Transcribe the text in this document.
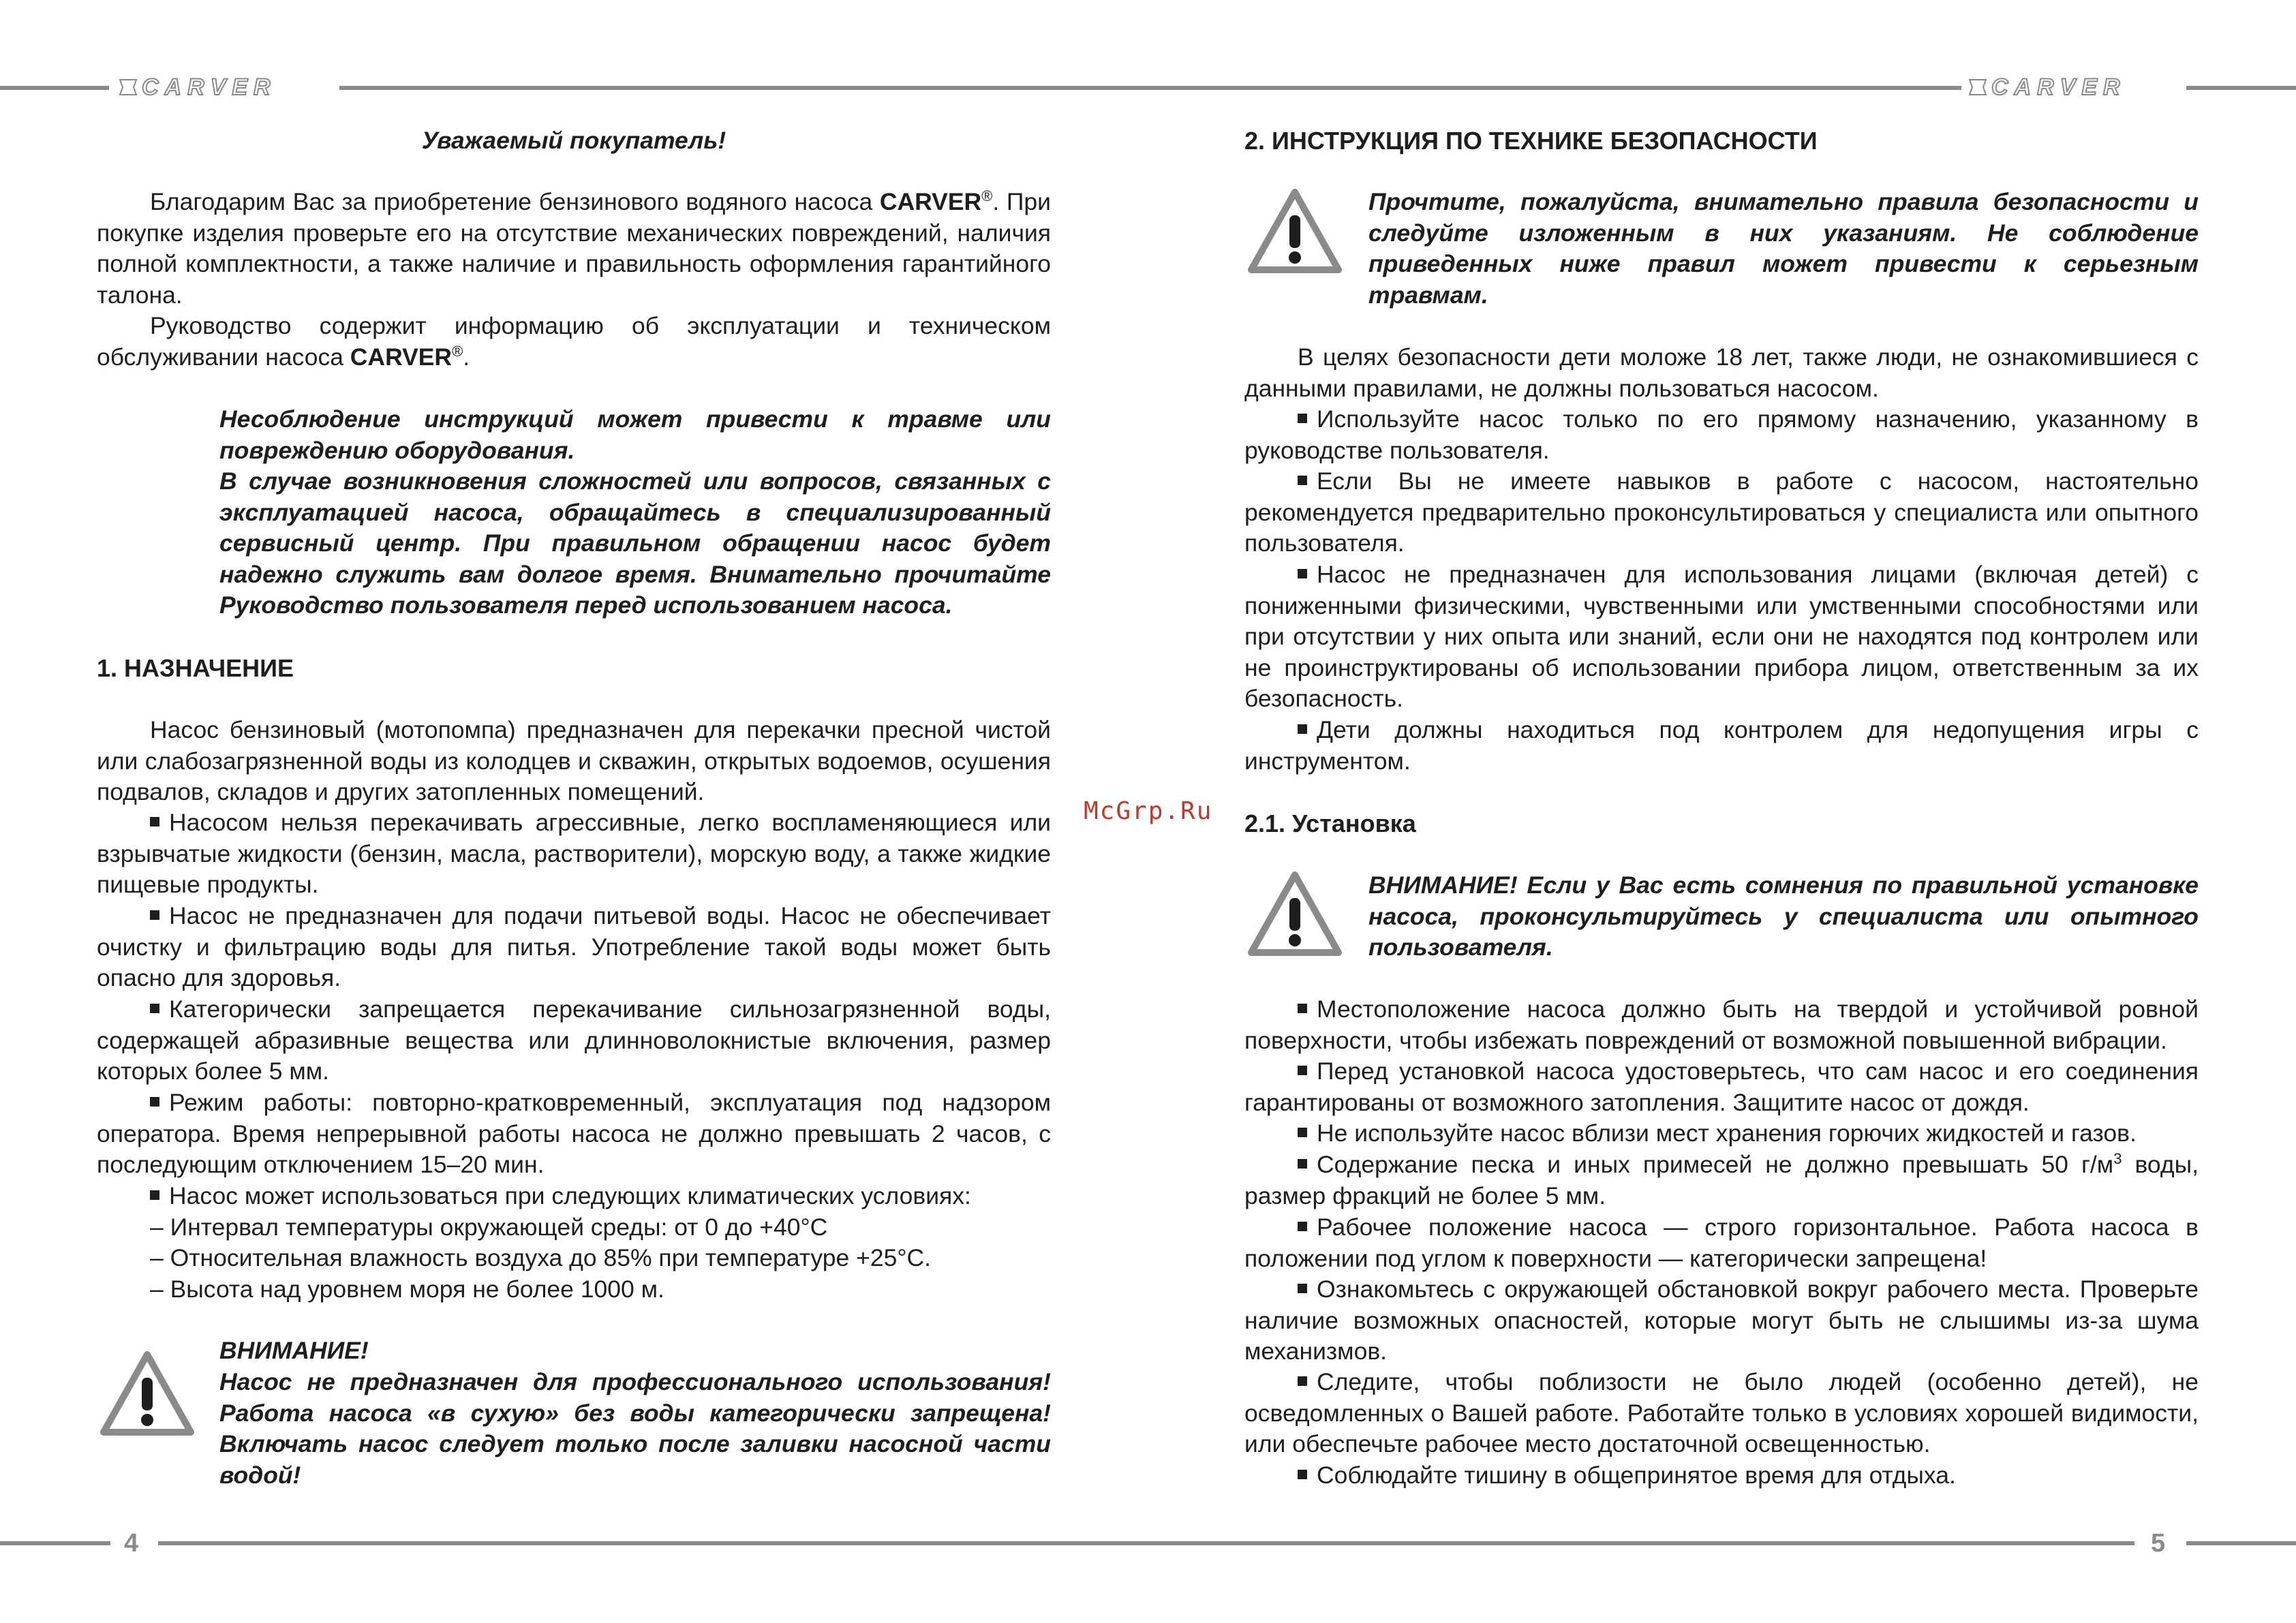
CARVER	CARVER
4	5
McGrp.Ru

Уважаемый покупатель!

Благодарим Вас за приобретение бензинового водяного насоса CARVER®. При покупке изделия проверьте его на отсутствие механических повреждений, наличия полной комплектности, а также наличие и правильность оформления гарантийного талона.

Руководство содержит информацию об эксплуатации и техническом обслуживании насоса CARVER®.

Несоблюдение инструкций может привести к травме или повреждению оборудования.

В случае возникновения сложностей или вопросов, связанных с эксплуатацией насоса, обращайтесь в специализированный сервисный центр. При правильном обращении насос будет надежно служить вам долгое время. Внимательно прочитайте Руководство пользователя перед использованием насоса.

1. НАЗНАЧЕНИЕ

Насос бензиновый (мотопомпа) предназначен для перекачки пресной чистой или слабозагрязненной воды из колодцев и скважин, открытых водоемов, осушения подвалов, складов и других затопленных помещений.

Насосом нельзя перекачивать агрессивные, легко воспламеняющиеся или взрывчатые жидкости (бензин, масла, растворители), морскую воду, а также жидкие пищевые продукты.

Насос не предназначен для подачи питьевой воды. Насос не обеспечивает очистку и фильтрацию воды для питья. Употребление такой воды может быть опасно для здоровья.

Категорически запрещается перекачивание сильнозагрязненной воды, содержащей абразивные вещества или длинноволокнистые включения, размер которых более 5 мм.

Режим работы: повторно-кратковременный, эксплуатация под надзором оператора. Время непрерывной работы насоса не должно превышать 2 часов, с последующим отключением 15–20 мин.

Насос может использоваться при следующих климатических условиях:

– Интервал температуры окружающей среды: от 0 до +40°С

– Относительная влажность воздуха до 85% при температуре +25°С.

– Высота над уровнем моря не более 1000 м.

ВНИМАНИЕ!

Насос не предназначен для профессионального использования! Работа насоса «в сухую» без воды категорически запрещена! Включать насос следует только после заливки насосной части водой!

2. ИНСТРУКЦИЯ ПО ТЕХНИКЕ БЕЗОПАСНОСТИ

Прочтите, пожалуйста, внимательно правила безопасности и следуйте изложенным в них указаниям. Не соблюдение приведенных ниже правил может привести к серьезным травмам.

В целях безопасности дети моложе 18 лет, также люди, не ознакомившиеся с данными правилами, не должны пользоваться насосом.

Используйте насос только по его прямому назначению, указанному в руководстве пользователя.

Если Вы не имеете навыков в работе с насосом, настоятельно рекомендуется предварительно проконсультироваться у специалиста или опытного пользователя.

Насос не предназначен для использования лицами (включая детей) с пониженными физическими, чувственными или умственными способностями или при отсутствии у них опыта или знаний, если они не находятся под контролем или не проинструктированы об использовании прибора лицом, ответственным за их безопасность.

Дети должны находиться под контролем для недопущения игры с инструментом.

2.1. Установка

ВНИМАНИЕ! Если у Вас есть сомнения по правильной установке насоса, проконсультируйтесь у специалиста или опытного пользователя.

Местоположение насоса должно быть на твердой и устойчивой ровной поверхности, чтобы избежать повреждений от возможной повышенной вибрации.

Перед установкой насоса удостоверьтесь, что сам насос и его соединения гарантированы от возможного затопления. Защитите насос от дождя.

Не используйте насос вблизи мест хранения горючих жидкостей и газов.

Содержание песка и иных примесей не должно превышать 50 $г/м^3$ воды, размер фракций не более 5 мм.

Рабочее положение насоса — строго горизонтальное. Работа насоса в положении под углом к поверхности — категорически запрещена!

Ознакомьтесь с окружающей обстановкой вокруг рабочего места. Проверьте наличие возможных опасностей, которые могут быть не слышимы из-за шума механизмов.

Следите, чтобы поблизости не было людей (особенно детей), не осведомленных о Вашей работе. Работайте только в условиях хорошей видимости, или обеспечьте рабочее место достаточной освещенностью.

Соблюдайте тишину в общепринятое время для отдыха.
